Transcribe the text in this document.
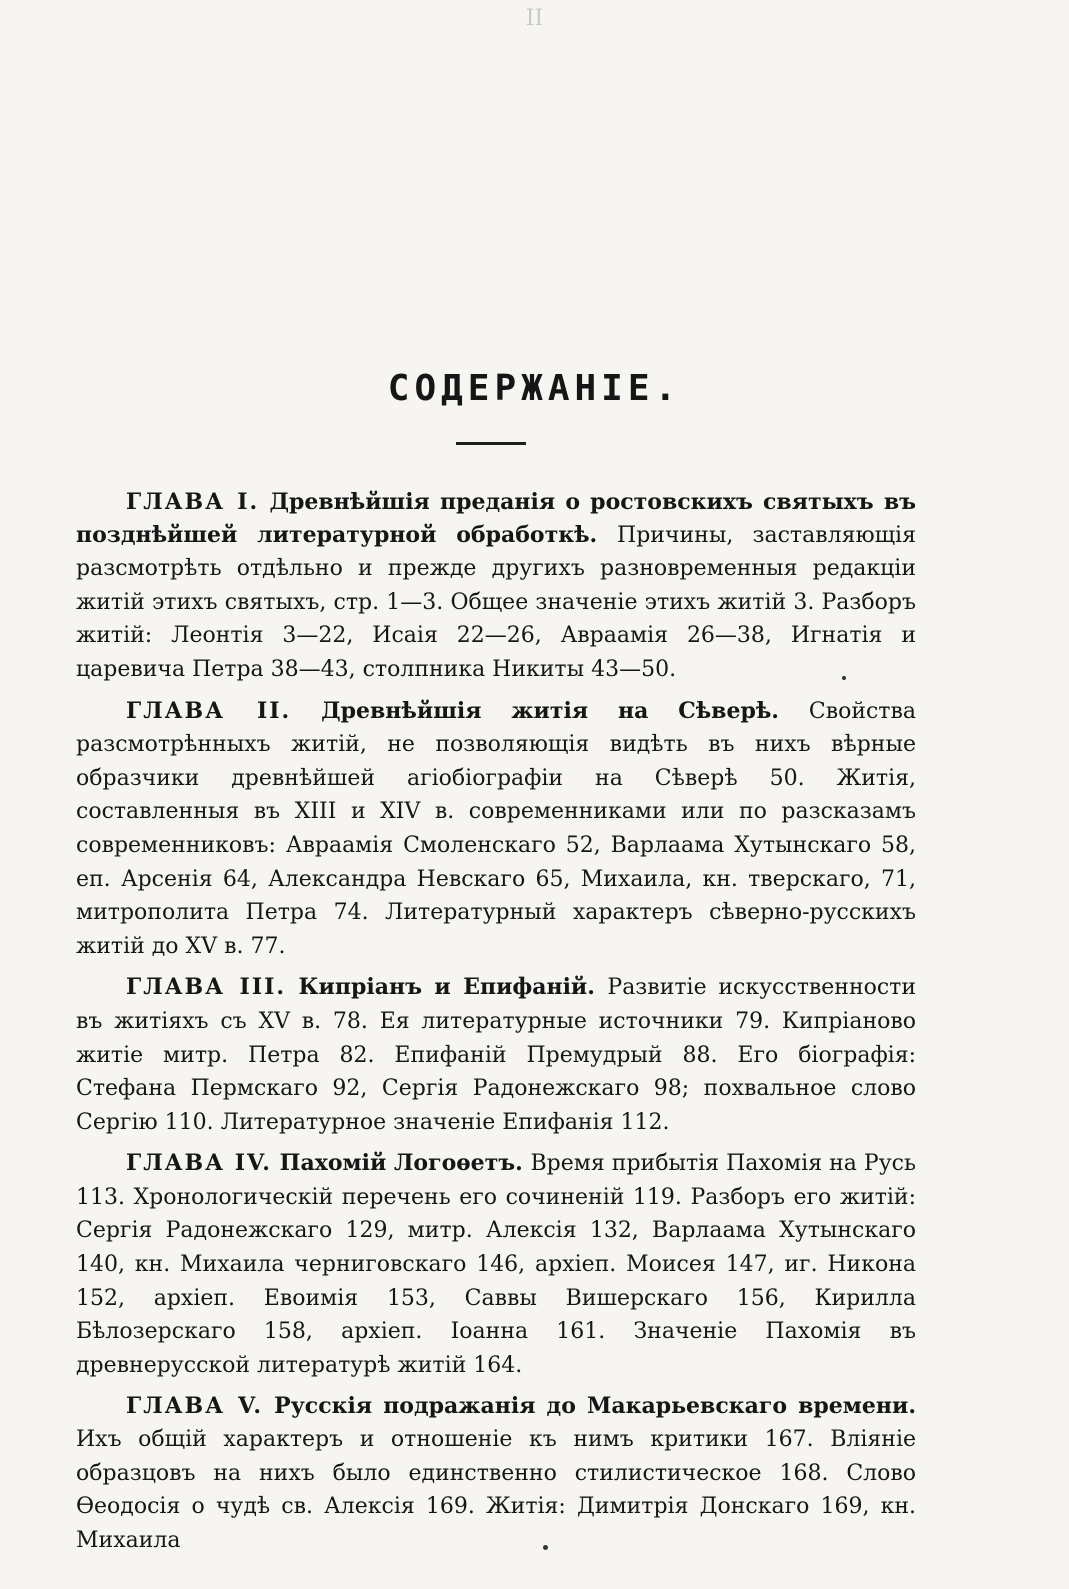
II
СОДЕРЖАНІЕ.

ГЛАВА I. Древнѣйшія преданія о ростовскихъ святыхъ въ позднѣйшей литературной обработкѣ. Причины, заставляющія разсмотрѣть отдѣльно и прежде другихъ разновременныя редакціи житій этихъ святыхъ, стр. 1—3. Общее значеніе этихъ житій 3. Разборъ житій: Леонтія 3—22, Исаія 22—26, Авраамія 26—38, Игнатія и царевича Петра 38—43, столпника Никиты 43—50.

ГЛАВА II. Древнѣйшія житія на Сѣверѣ. Свойства разсмотрѣнныхъ житій, не позволяющія видѣть въ нихъ вѣрные образчики древнѣйшей агіобіографіи на Сѣверѣ 50. Житія, составленныя въ XIII и XIV в. современниками или по разсказамъ современниковъ: Авраамія Смоленскаго 52, Варлаама Хутынскаго 58, еп. Арсенія 64, Александра Невскаго 65, Михаила, кн. тверскаго, 71, митрополита Петра 74. Литературный характеръ сѣверно-русскихъ житій до XV в. 77.

ГЛАВА III. Кипріанъ и Епифаній. Развитіе искусственности въ житіяхъ съ XV в. 78. Ея литературные источники 79. Кипріаново житіе митр. Петра 82. Епифаній Премудрый 88. Его біографія: Стефана Пермскаго 92, Сергія Радонежскаго 98; похвальное слово Сергію 110. Литературное значеніе Епифанія 112.

ГЛАВА IV. Пахомій Логоѳетъ. Время прибытія Пахомія на Русь 113. Хронологическій перечень его сочиненій 119. Разборъ его житій: Сергія Радонежскаго 129, митр. Алексія 132, Варлаама Хутынскаго 140, кн. Михаила черниговскаго 146, архіеп. Моисея 147, иг. Никона 152, архіеп. Евоимія 153, Саввы Вишерскаго 156, Кирилла Бѣлозерскаго 158, архіеп. Іоанна 161. Значеніе Пахомія въ древнерусской литературѣ житій 164.

ГЛАВА V. Русскія подражанія до Макарьевскаго времени. Ихъ общій характеръ и отношеніе къ нимъ критики 167. Вліяніе образцовъ на нихъ было единственно стилистическое 168. Слово Ѳеодосія о чудѣ св. Алексія 169. Житія: Димитрія Донскаго 169, кн. Михаила
